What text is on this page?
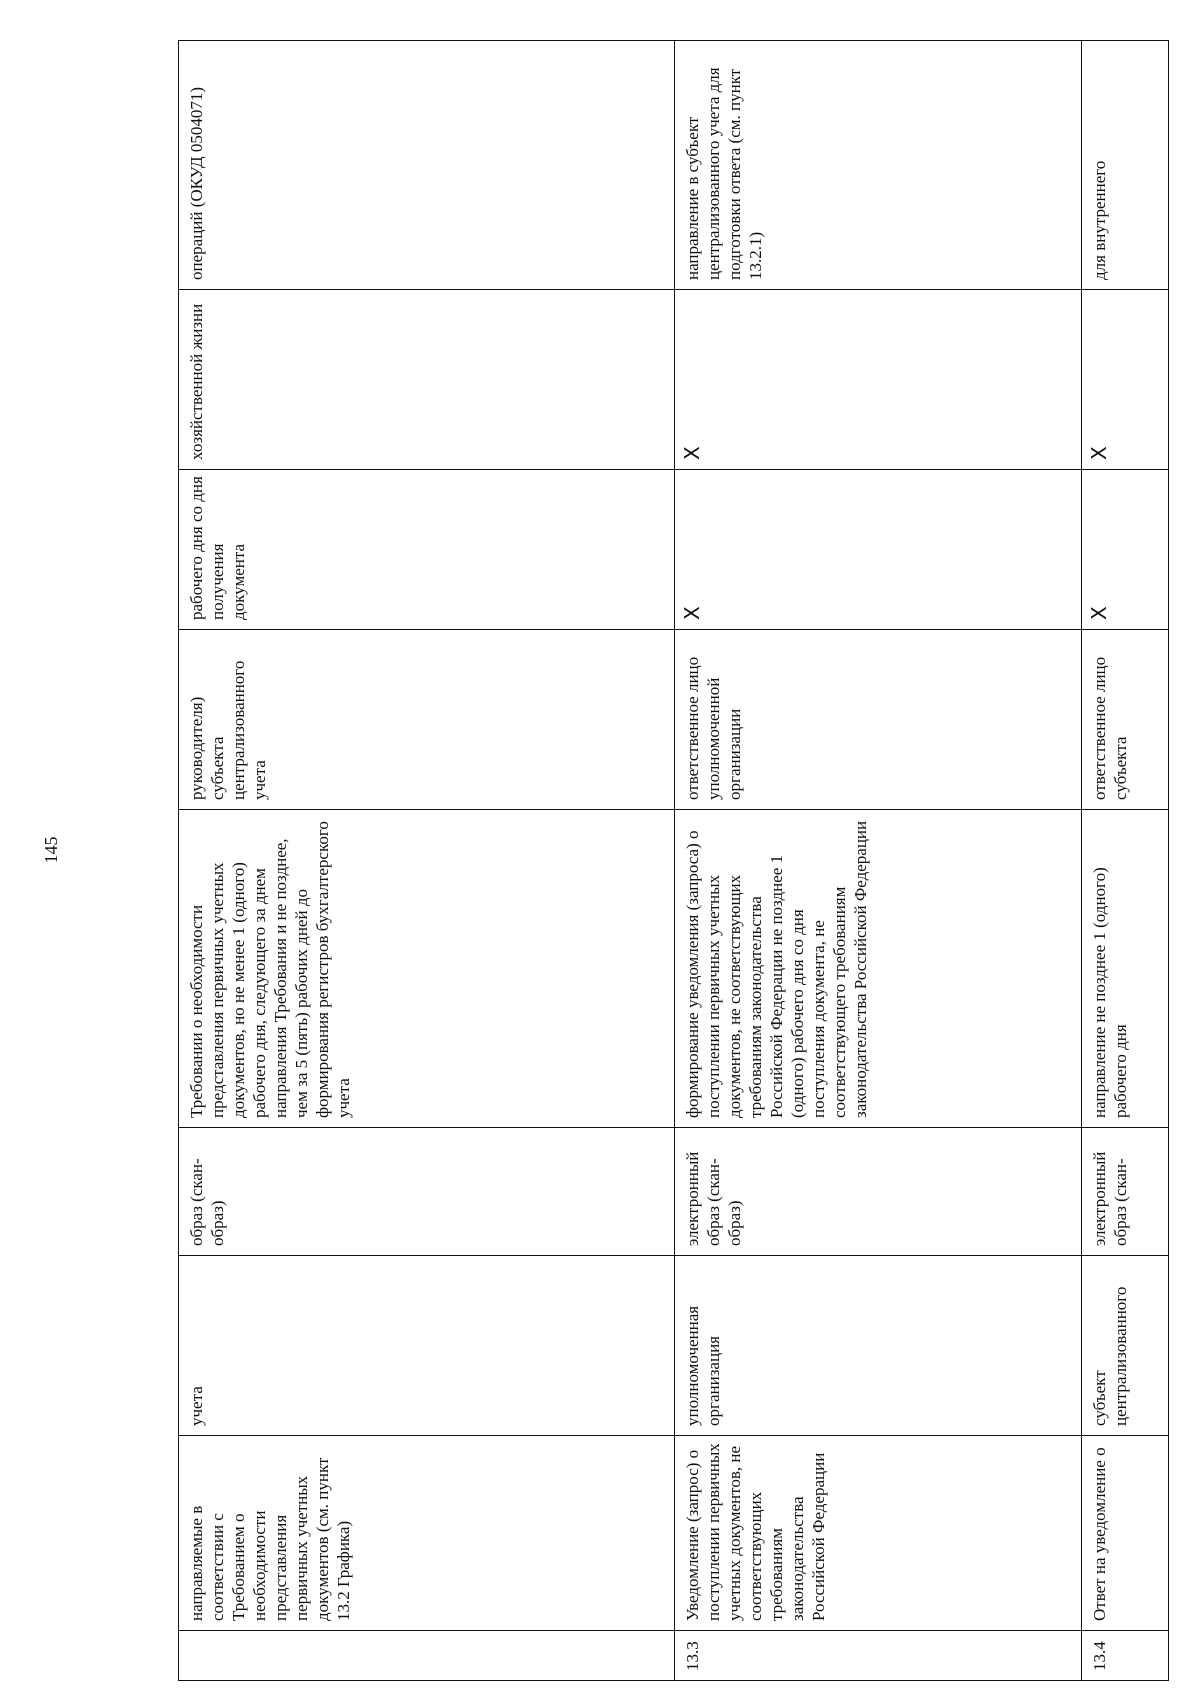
145
	направляемые в соответствии с Требованием о необходимости представления первичных учетных документов (см. пункт 13.2 Графика)	учета	образ (скан-образ)	Требовании о необходимости представления первичных учетных документов, но не менее 1 (одного) рабочего дня, следующего за днем направления Требования и не позднее, чем за 5 (пять) рабочих дней до формирования регистров бухгалтерского учета	руководителя) субъекта централизованного учета	рабочего дня со дня получения документа	хозяйственной жизни	операций (ОКУД 0504071)
13.3	Уведомление (запрос) о поступлении первичных учетных документов, не соответствующих требованиям законодательства Российской Федерации	уполномоченная организация	электронный образ (скан-образ)	формирование уведомления (запроса) о поступлении первичных учетных документов, не соответствующих требованиям законодательства Российской Федерации не позднее 1 (одного) рабочего дня со дня поступления документа, не соответствующего требованиям законодательства Российской Федерации	ответственное лицо уполномоченной организации	Х	Х	направление в субъект централизованного учета для подготовки ответа (см. пункт 13.2.1)
13.4	Ответ на уведомление о	субъект централизованного	электронный образ (скан-	направление не позднее 1 (одного) рабочего дня	ответственное лицо субъекта	Х	Х	для внутреннего
